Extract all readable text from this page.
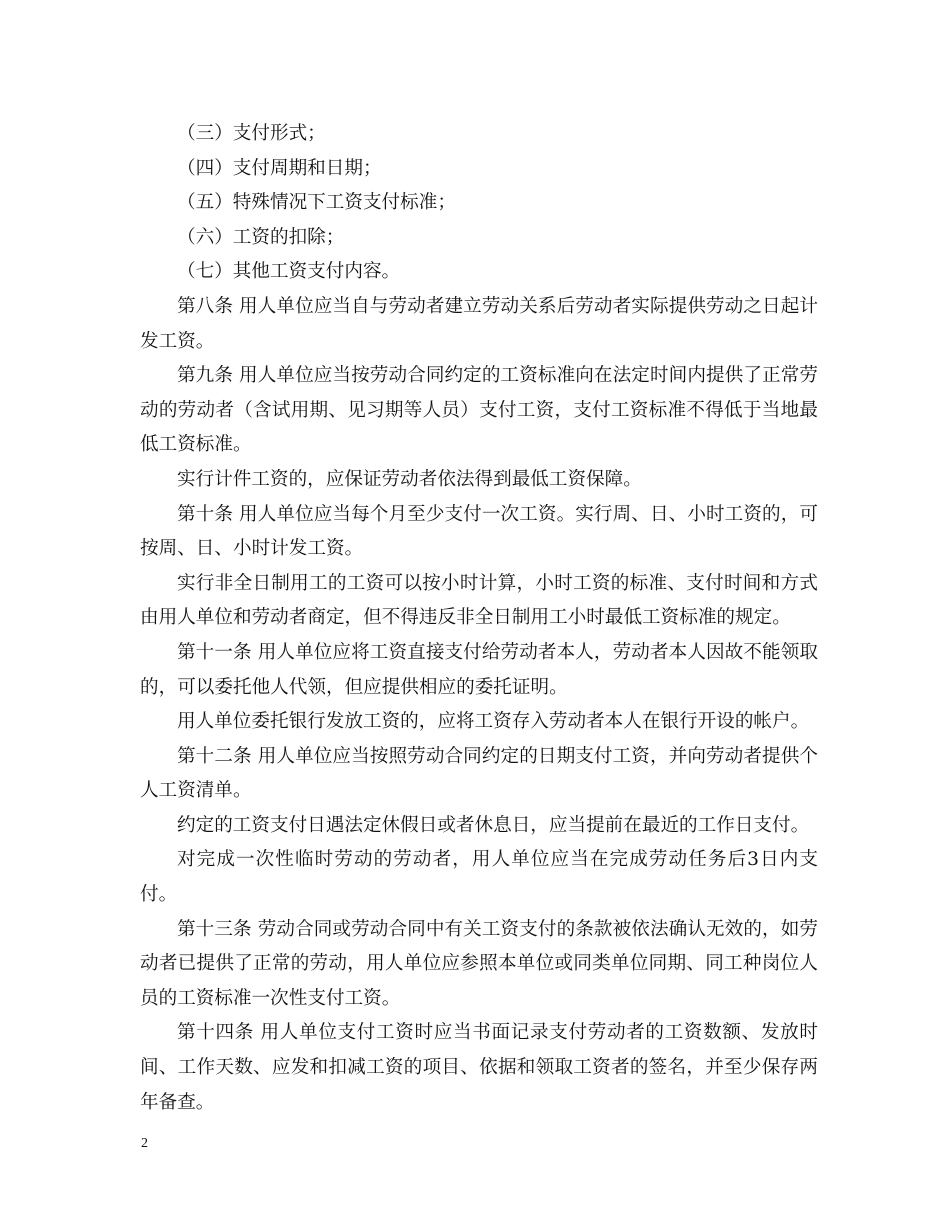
（三）支付形式；

（四）支付周期和日期；

（五）特殊情况下工资支付标准；

（六）工资的扣除；

（七）其他工资支付内容。

第八条 用人单位应当自与劳动者建立劳动关系后劳动者实际提供劳动之日起计发工资。

第九条 用人单位应当按劳动合同约定的工资标准向在法定时间内提供了正常劳动的劳动者（含试用期、见习期等人员）支付工资，支付工资标准不得低于当地最低工资标准。

实行计件工资的，应保证劳动者依法得到最低工资保障。

第十条 用人单位应当每个月至少支付一次工资。实行周、日、小时工资的，可按周、日、小时计发工资。

实行非全日制用工的工资可以按小时计算，小时工资的标准、支付时间和方式由用人单位和劳动者商定，但不得违反非全日制用工小时最低工资标准的规定。

第十一条 用人单位应将工资直接支付给劳动者本人，劳动者本人因故不能领取的，可以委托他人代领，但应提供相应的委托证明。

用人单位委托银行发放工资的，应将工资存入劳动者本人在银行开设的帐户。

第十二条 用人单位应当按照劳动合同约定的日期支付工资，并向劳动者提供个人工资清单。

约定的工资支付日遇法定休假日或者休息日，应当提前在最近的工作日支付。

对完成一次性临时劳动的劳动者，用人单位应当在完成劳动任务后3日内支付。

第十三条 劳动合同或劳动合同中有关工资支付的条款被依法确认无效的，如劳动者已提供了正常的劳动，用人单位应参照本单位或同类单位同期、同工种岗位人员的工资标准一次性支付工资。

第十四条 用人单位支付工资时应当书面记录支付劳动者的工资数额、发放时间、工作天数、应发和扣减工资的项目、依据和领取工资者的签名，并至少保存两年备查。

2
